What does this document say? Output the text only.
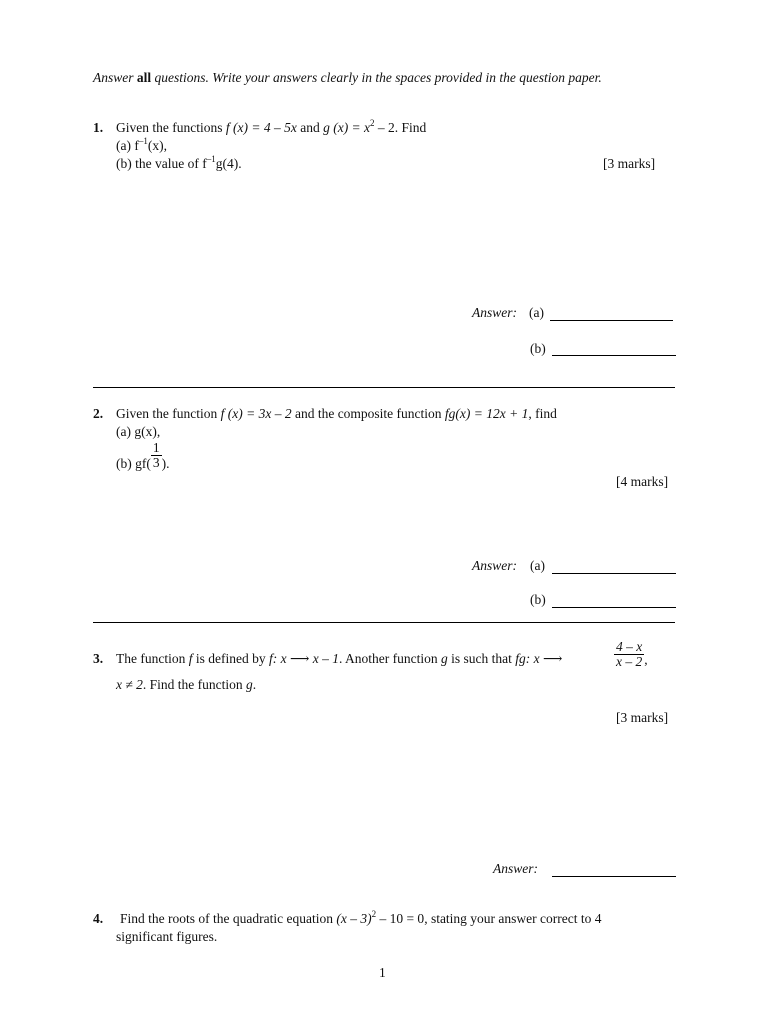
Answer all questions. Write your answers clearly in the spaces provided in the question paper.
1. Given the functions f (x) = 4 – 5x and g $(x) = x^2 - 2$. Find
(a) $f^{-1}(x)$,
(b) the value of $f^{-1}g(4)$.	[3 marks]
Answer: (a)
(b)
2. Given the function f (x) = 3x – 2 and the composite function fg(x) = 12x + 1, find
(a) g(x),
(b) $gf( \frac{1}{3}$ ).
[4 marks]
Answer: (a)
(b)
3. The function f is defined by f: x ⟶ x – 1. Another function g is such that fg: x ⟶	$\frac{4 - x}{x - 2}$ ,
x ≠ 2. Find the function g.
[3 marks]
Answer:
4. Find the roots of the quadratic equation (x – 3)$^2$ – 10 = 0, stating your answer correct to 4
significant figures.
1
